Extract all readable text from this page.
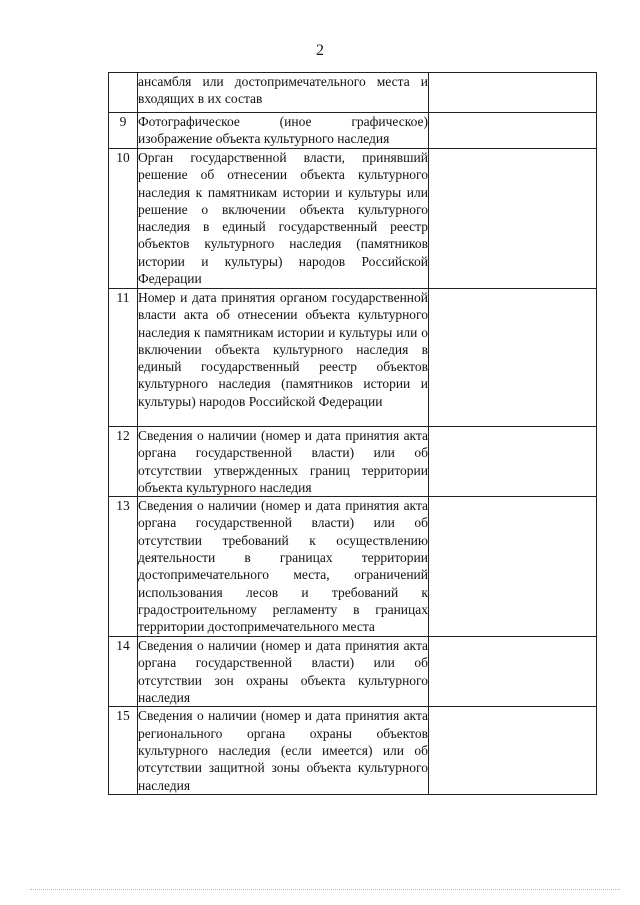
2
	ансамбля или достопримечательного места и входящих в их состав	
9	Фотографическое (иное графическое) изображение объекта культурного наследия	
10	Орган государственной власти, принявший решение об отнесении объекта культурного наследия к памятникам истории и культуры или решение о включении объекта культурного наследия в единый государственный реестр объектов культурного наследия (памятников истории и культуры) народов Российской Федерации	
11	Номер и дата принятия органом государственной власти акта об отнесении объекта культурного наследия к памятникам истории и культуры или о включении объекта культурного наследия в единый государственный реестр объектов культурного наследия (памятников истории и культуры) народов Российской Федерации	
12	Сведения о наличии (номер и дата принятия акта органа государственной власти) или об отсутствии утвержденных границ территории объекта культурного наследия	
13	Сведения о наличии (номер и дата принятия акта органа государственной власти) или об отсутствии требований к осуществлению деятельности в границах территории достопримечательного места, ограничений использования лесов и требований к градостроительному регламенту в границах территории достопримечательного места	
14	Сведения о наличии (номер и дата принятия акта органа государственной власти) или об отсутствии зон охраны объекта культурного наследия	
15	Сведения о наличии (номер и дата принятия акта регионального органа охраны объектов культурного наследия (если имеется) или об отсутствии защитной зоны объекта культурного наследия	
